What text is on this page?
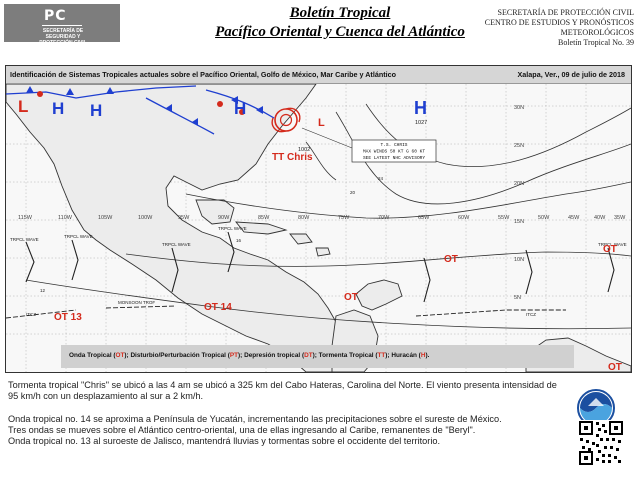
PC
SECRETARÍA DE
SEGURIDAD Y
PROTECCIÓN CIVIL
Boletín Tropical
Pacífico Oriental y Cuenca del Atlántico
SECRETARÍA DE PROTECCIÓN CIVIL
CENTRO DE ESTUDIOS Y PRONÓSTICOS
METEOROLÓGICOS
Boletín Tropical No. 39
Identificación de Sistemas Tropicales actuales sobre el Pacífico Oriental, Golfo de México, Mar Caribe y Atlántico	Xalapa, Ver., 09 de julio de 2018
T.S. CHRIS
MAX WINDS 50 KT G 60 KT
SEE LATEST NHC ADVISORY
30N
25N
20N
15N
10N
5N
115W	110W	105W	100W	95W	90W	85W	80W	75W	70W	65W	60W	55W	50W	45W	40W 35W
TRPCL WAVE
TRPCL WAVE
TRPCL WAVE
TRPCL WAVE
TRPCL WAVE
ITCZ	ITCZ
MONSOON TROF
12
16
20
24
L H H	H	H
L	1027
1002
TT Chris
OT
OT
OT
OT 14
OT 13
OT
Onda Tropical (OT); Disturbio/Perturbación Tropical (PT); Depresión tropical (DT); Tormenta Tropical (TT); Huracán (H).
Tormenta tropical "Chris" se ubicó a las 4 am se ubicó a 325 km del Cabo Hateras, Carolina del Norte. El viento presenta intensidad de 95 km/h con un desplazamiento al sur a 2 km/h.
Onda tropical no. 14 se aproxima a Península de Yucatán, incrementando las precipitaciones sobre el sureste de México.
Tres ondas se mueves sobre el Atlántico centro-oriental, una de ellas ingresando al Caribe, remanentes de "Beryl".
Onda tropical no. 13 al suroeste de Jalisco, mantendrá lluvias y tormentas sobre el occidente del territorio.
